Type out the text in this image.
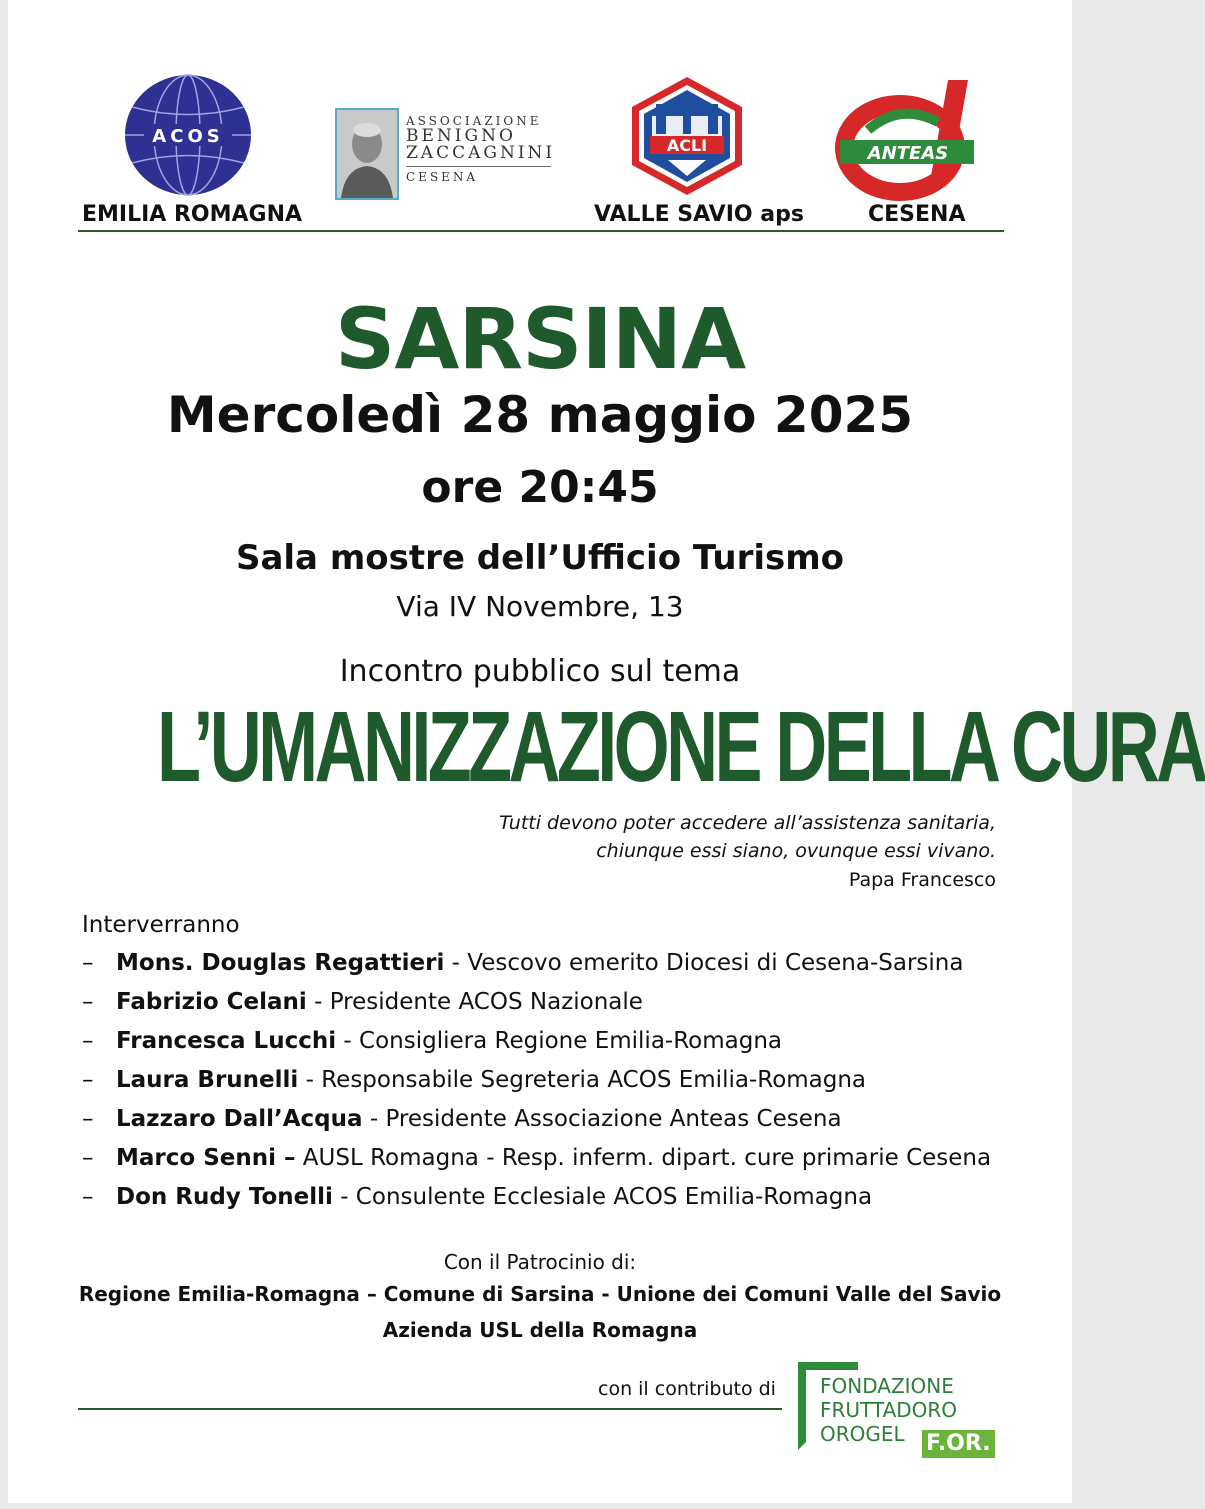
ACOS
EMILIA ROMAGNA
ASSOCIAZIONE
BENIGNO
ZACCAGNINI
CESENA
ACLI
VALLE SAVIO aps
ANTEAS
CESENA
SARSINA
Mercoledì 28 maggio 2025
ore 20:45
Sala mostre dell’Ufficio Turismo
Via IV Novembre, 13
Incontro pubblico sul tema
L’UMANIZZAZIONE DELLA CURA
Tutti devono poter accedere all’assistenza sanitaria,
chiunque essi siano, ovunque essi vivano.
Papa Francesco
Interverranno
– Mons. Douglas Regattieri - Vescovo emerito Diocesi di Cesena-Sarsina
– Fabrizio Celani - Presidente ACOS Nazionale
– Francesca Lucchi - Consigliera Regione Emilia-Romagna
– Laura Brunelli - Responsabile Segreteria ACOS Emilia-Romagna
– Lazzaro Dall’Acqua - Presidente Associazione Anteas Cesena
– Marco Senni – AUSL Romagna - Resp. inferm. dipart. cure primarie Cesena
– Don Rudy Tonelli - Consulente Ecclesiale ACOS Emilia-Romagna
Con il Patrocinio di:
Regione Emilia-Romagna – Comune di Sarsina - Unione dei Comuni Valle del Savio
Azienda USL della Romagna
con il contributo di FONDAZIONE
FRUTTADORO
OROGEL F.OR.
